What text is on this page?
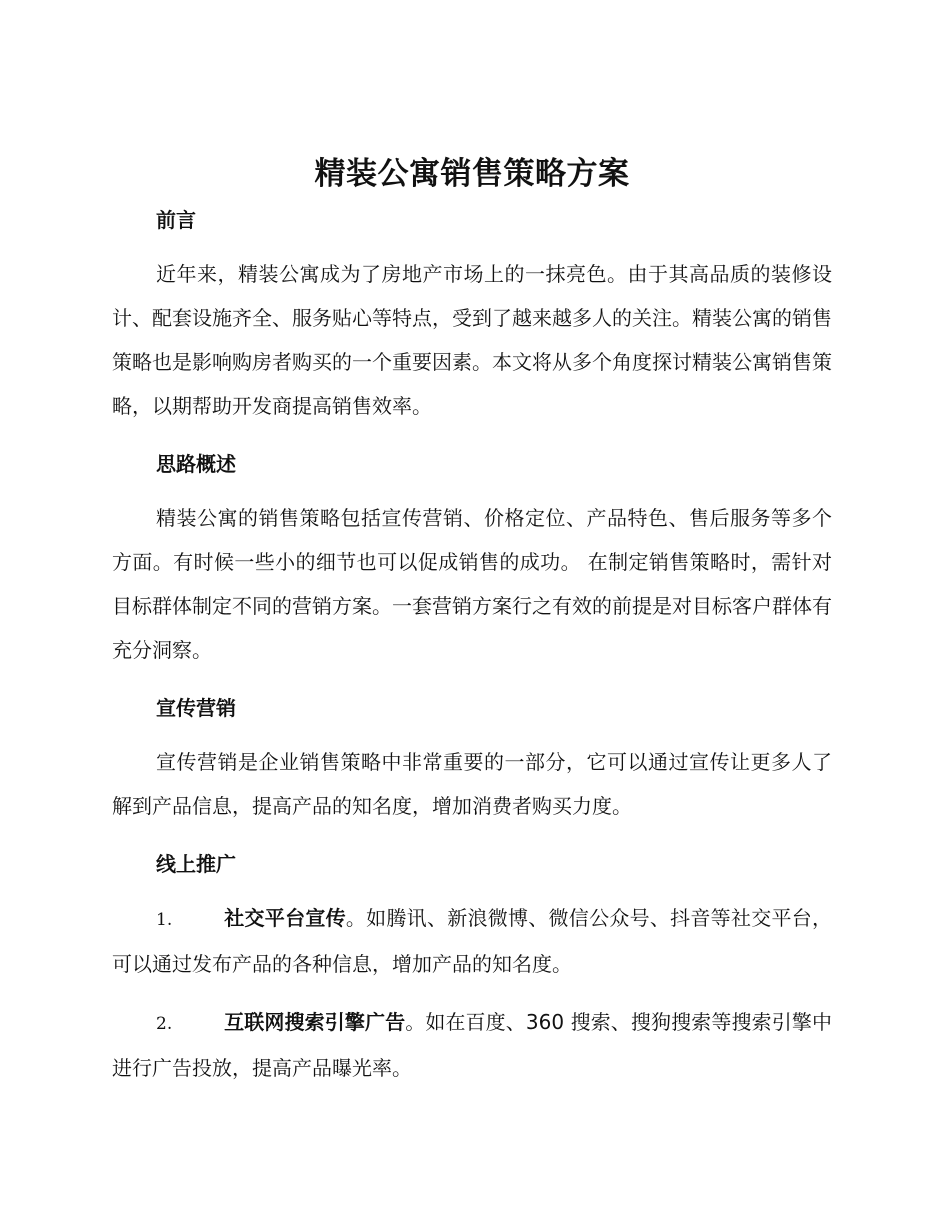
精装公寓销售策略方案
前言

近年来，精装公寓成为了房地产市场上的一抹亮色。由于其高品质的装修设计、配套设施齐全、服务贴心等特点，受到了越来越多人的关注。精装公寓的销售策略也是影响购房者购买的一个重要因素。本文将从多个角度探讨精装公寓销售策略，以期帮助开发商提高销售效率。

思路概述

精装公寓的销售策略包括宣传营销、价格定位、产品特色、售后服务等多个方面。有时候一些小的细节也可以促成销售的成功。 在制定销售策略时，需针对目标群体制定不同的营销方案。一套营销方案行之有效的前提是对目标客户群体有充分洞察。

宣传营销

宣传营销是企业销售策略中非常重要的一部分，它可以通过宣传让更多人了解到产品信息，提高产品的知名度，增加消费者购买力度。

线上推广

1.	社交平台宣传。如腾讯、新浪微博、微信公众号、抖音等社交平台，可以通过发布产品的各种信息，增加产品的知名度。

2.	互联网搜索引擎广告。如在百度、360 搜索、搜狗搜索等搜索引擎中进行广告投放，提高产品曝光率。
